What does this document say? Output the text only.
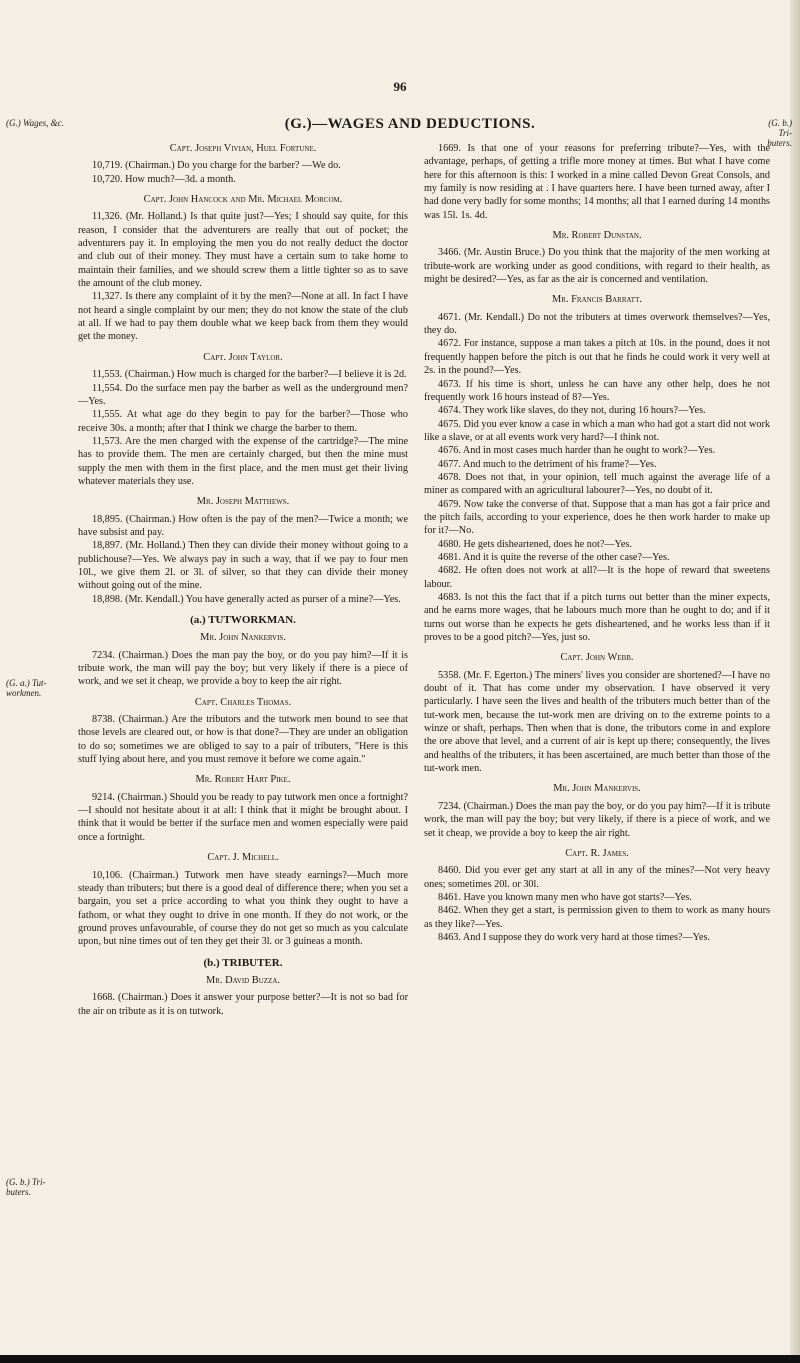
96
(G.)—WAGES AND DEDUCTIONS.
(G.) Wages, &c.
(G. a.) Tut-workmen.
(G. b.) Tri-buters.
(G. b.) Tri-buters.
Capt. Joseph Vivian, Huel Fortune.

10,719. (Chairman.) Do you charge for the barber? —We do.

10,720. How much?—3d. a month.

Capt. John Hancock and Mr. Michael Morcom.

11,326. (Mr. Holland.) Is that quite just?—Yes; I should say quite, for this reason, I consider that the adventurers are really that out of pocket; the adventurers pay it. In employing the men you do not really deduct the doctor and club out of their money. They must have a certain sum to take home to maintain their families, and we should screw them a little tighter so as to save the amount of the club money.

11,327. Is there any complaint of it by the men?—None at all. In fact I have not heard a single complaint by our men; they do not know the state of the club at all. If we had to pay them double what we keep back from them they would get the money.

Capt. John Taylor.

11,553. (Chairman.) How much is charged for the barber?—I believe it is 2d.

11,554. Do the surface men pay the barber as well as the underground men?—Yes.

11,555. At what age do they begin to pay for the barber?—Those who receive 30s. a month; after that I think we charge the barber to them.

11,573. Are the men charged with the expense of the cartridge?—The mine has to provide them. The men are certainly charged, but then the mine must supply the men with them in the first place, and the men must get their living whatever materials they use.

Mr. Joseph Matthews.

18,895. (Chairman.) How often is the pay of the men?—Twice a month; we have subsist and pay.

18,897. (Mr. Holland.) Then they can divide their money without going to a publichouse?—Yes. We always pay in such a way, that if we pay to four men 10l., we give them 2l. or 3l. of silver, so that they can divide their money without going out of the mine.

18,898. (Mr. Kendall.) You have generally acted as purser of a mine?—Yes.

(a.) TUTWORKMAN.
Mr. John Nankervis.

7234. (Chairman.) Does the man pay the boy, or do you pay him?—If it is tribute work, the man will pay the boy; but very likely if there is a piece of work, and we set it cheap, we provide a boy to keep the air right.

Capt. Charles Thomas.

8738. (Chairman.) Are the tributors and the tutwork men bound to see that those levels are cleared out, or how is that done?—They are under an obligation to do so; sometimes we are obliged to say to a pair of tributers, "Here is this stuff lying about here, and you must remove it before we come again."

Mr. Robert Hart Pike.

9214. (Chairman.) Should you be ready to pay tutwork men once a fortnight?—I should not hesitate about it at all: I think that it might be brought about. I think that it would be better if the surface men and women especially were paid once a fortnight.

Capt. J. Michell.

10,106. (Chairman.) Tutwork men have steady earnings?—Much more steady than tributers; but there is a good deal of difference there; when you set a bargain, you set a price according to what you think they ought to have a fathom, or what they ought to drive in one month. If they do not work, or the ground proves unfavourable, of course they do not get so much as you calculate upon, but nine times out of ten they get their 3l. or 3 guineas a month.

(b.) TRIBUTER.
Mr. David Buzza.

1668. (Chairman.) Does it answer your purpose better?—It is not so bad for the air on tribute as it is on tutwork.

1669. Is that one of your reasons for preferring tribute?—Yes, with the advantage, perhaps, of getting a trifle more money at times. But what I have come here for this afternoon is this: I worked in a mine called Devon Great Consols, and my family is now residing at . I have quarters here. I have been turned away, after I had done very badly for some months; 14 months; all that I earned during 14 months was 15l. 1s. 4d.

Mr. Robert Dunstan.

3466. (Mr. Austin Bruce.) Do you think that the majority of the men working at tribute-work are working under as good conditions, with regard to their health, as might be desired?—Yes, as far as the air is concerned and ventilation.

Mr. Francis Barratt.

4671. (Mr. Kendall.) Do not the tributers at times overwork themselves?—Yes, they do.

4672. For instance, suppose a man takes a pitch at 10s. in the pound, does it not frequently happen before the pitch is out that he finds he could work it very well at 2s. in the pound?—Yes.

4673. If his time is short, unless he can have any other help, does he not frequently work 16 hours instead of 8?—Yes.

4674. They work like slaves, do they not, during 16 hours?—Yes.

4675. Did you ever know a case in which a man who had got a start did not work like a slave, or at all events work very hard?—I think not.

4676. And in most cases much harder than he ought to work?—Yes.

4677. And much to the detriment of his frame?—Yes.

4678. Does not that, in your opinion, tell much against the average life of a miner as compared with an agricultural labourer?—Yes, no doubt of it.

4679. Now take the converse of that. Suppose that a man has got a fair price and the pitch fails, according to your experience, does he then work harder to make up for it?—No.

4680. He gets disheartened, does he not?—Yes.

4681. And it is quite the reverse of the other case?—Yes.

4682. He often does not work at all?—It is the hope of reward that sweetens labour.

4683. Is not this the fact that if a pitch turns out better than the miner expects, and he earns more wages, that he labours much more than he ought to do; and if it turns out worse than he expects he gets disheartened, and he works less than if it proves to be a good pitch?—Yes, just so.

Capt. John Webb.

5358. (Mr. F. Egerton.) The miners' lives you consider are shortened?—I have no doubt of it. That has come under my observation. I have observed it very particularly. I have seen the lives and health of the tributers much better than of the tut-work men, because the tut-work men are driving on to the extreme points to a winze or shaft, perhaps. Then when that is done, the tributors come in and explore the ore above that level, and a current of air is kept up there; consequently, the lives and healths of the tributers, it has been ascertained, are much better than those of the tut-work men.

Mr. John Mankervis.

7234. (Chairman.) Does the man pay the boy, or do you pay him?—If it is tribute work, the man will pay the boy; but very likely, if there is a piece of work, and we set it cheap, we provide a boy to keep the air right.

Capt. R. James.

8460. Did you ever get any start at all in any of the mines?—Not very heavy ones; sometimes 20l. or 30l.

8461. Have you known many men who have got starts?—Yes.

8462. When they get a start, is permission given to them to work as many hours as they like?—Yes.

8463. And I suppose they do work very hard at those times?—Yes.
